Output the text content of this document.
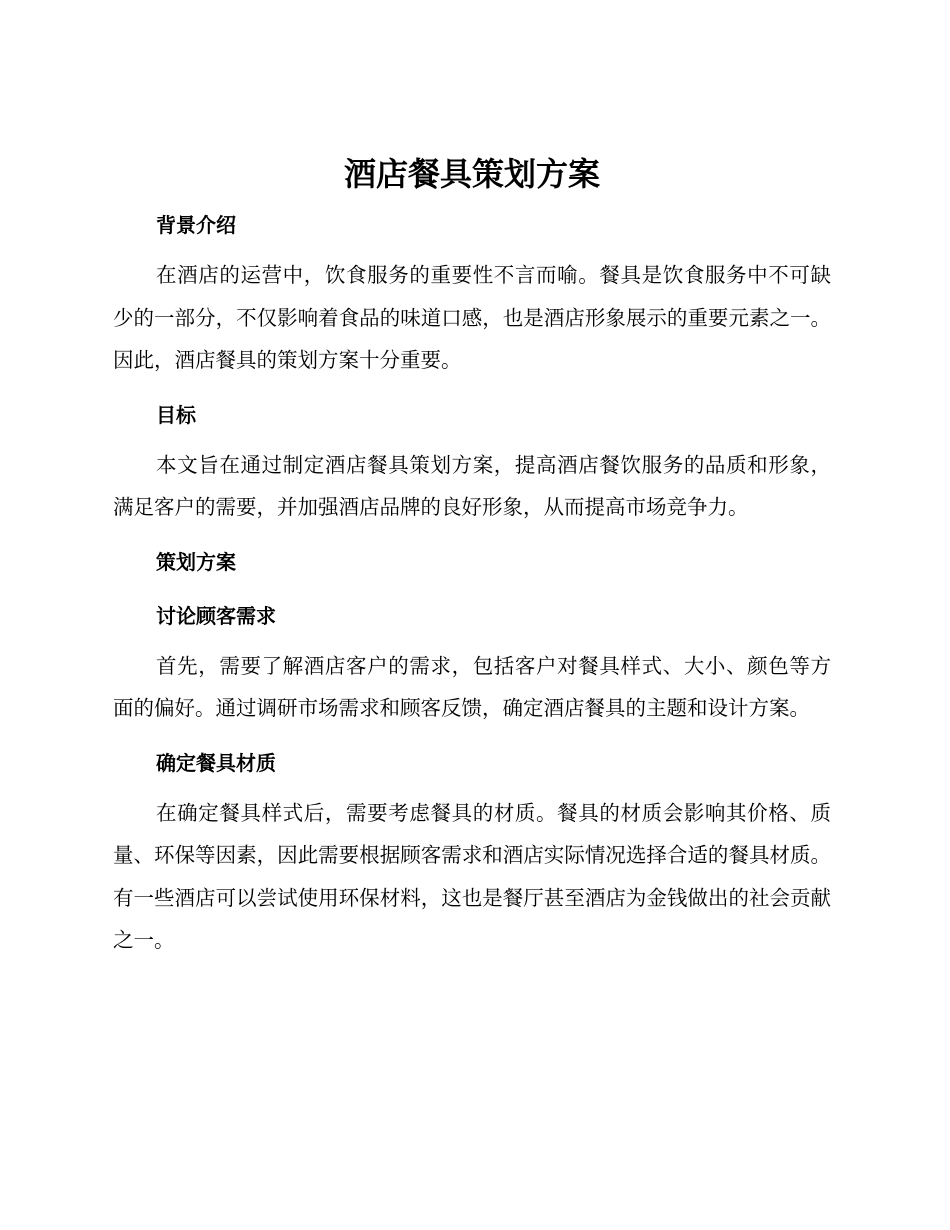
酒店餐具策划方案
背景介绍

在酒店的运营中，饮食服务的重要性不言而喻。餐具是饮食服务中不可缺少的一部分，不仅影响着食品的味道口感，也是酒店形象展示的重要元素之一。因此，酒店餐具的策划方案十分重要。

目标

本文旨在通过制定酒店餐具策划方案，提高酒店餐饮服务的品质和形象，满足客户的需要，并加强酒店品牌的良好形象，从而提高市场竞争力。

策划方案
讨论顾客需求

首先，需要了解酒店客户的需求，包括客户对餐具样式、大小、颜色等方面的偏好。通过调研市场需求和顾客反馈，确定酒店餐具的主题和设计方案。

确定餐具材质

在确定餐具样式后，需要考虑餐具的材质。餐具的材质会影响其价格、质量、环保等因素，因此需要根据顾客需求和酒店实际情况选择合适的餐具材质。有一些酒店可以尝试使用环保材料，这也是餐厅甚至酒店为金钱做出的社会贡献之一。
